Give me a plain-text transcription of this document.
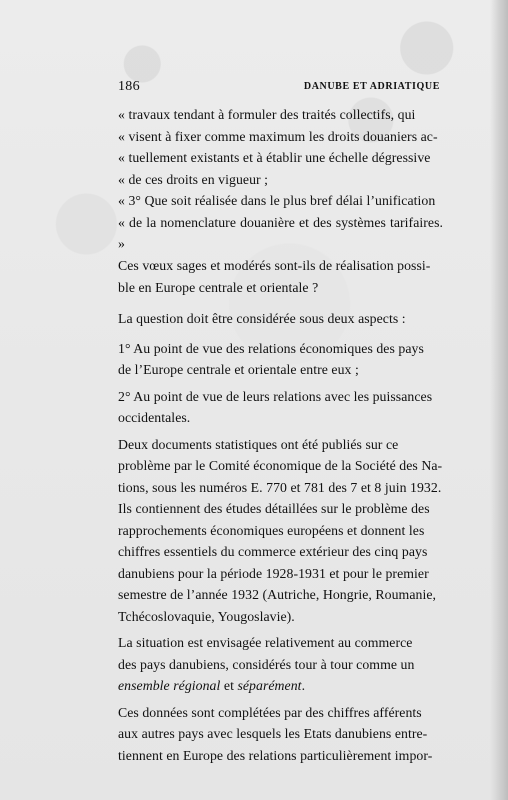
186	DANUBE ET ADRIATIQUE

« travaux tendant à formuler des traités collectifs, qui

« visent à fixer comme maximum les droits douaniers ac-

« tuellement existants et à établir une échelle dégressive

« de ces droits en vigueur ;

« 3° Que soit réalisée dans le plus bref délai l’unification

« de la nomenclature douanière et des systèmes tarifaires. »

Ces vœux sages et modérés sont-ils de réalisation possi-

ble en Europe centrale et orientale ?

La question doit être considérée sous deux aspects :

1° Au point de vue des relations économiques des pays

de l’Europe centrale et orientale entre eux ;

2° Au point de vue de leurs relations avec les puissances

occidentales.

Deux documents statistiques ont été publiés sur ce

problème par le Comité économique de la Société des Na-

tions, sous les numéros E. 770 et 781 des 7 et 8 juin 1932.

Ils contiennent des études détaillées sur le problème des

rapprochements économiques européens et donnent les

chiffres essentiels du commerce extérieur des cinq pays

danubiens pour la période 1928-1931 et pour le premier

semestre de l’année 1932 (Autriche, Hongrie, Roumanie,

Tchécoslovaquie, Yougoslavie).

La situation est envisagée relativement au commerce

des pays danubiens, considérés tour à tour comme un

ensemble régional et séparément.

Ces données sont complétées par des chiffres afférents

aux autres pays avec lesquels les Etats danubiens entre-

tiennent en Europe des relations particulièrement impor-
